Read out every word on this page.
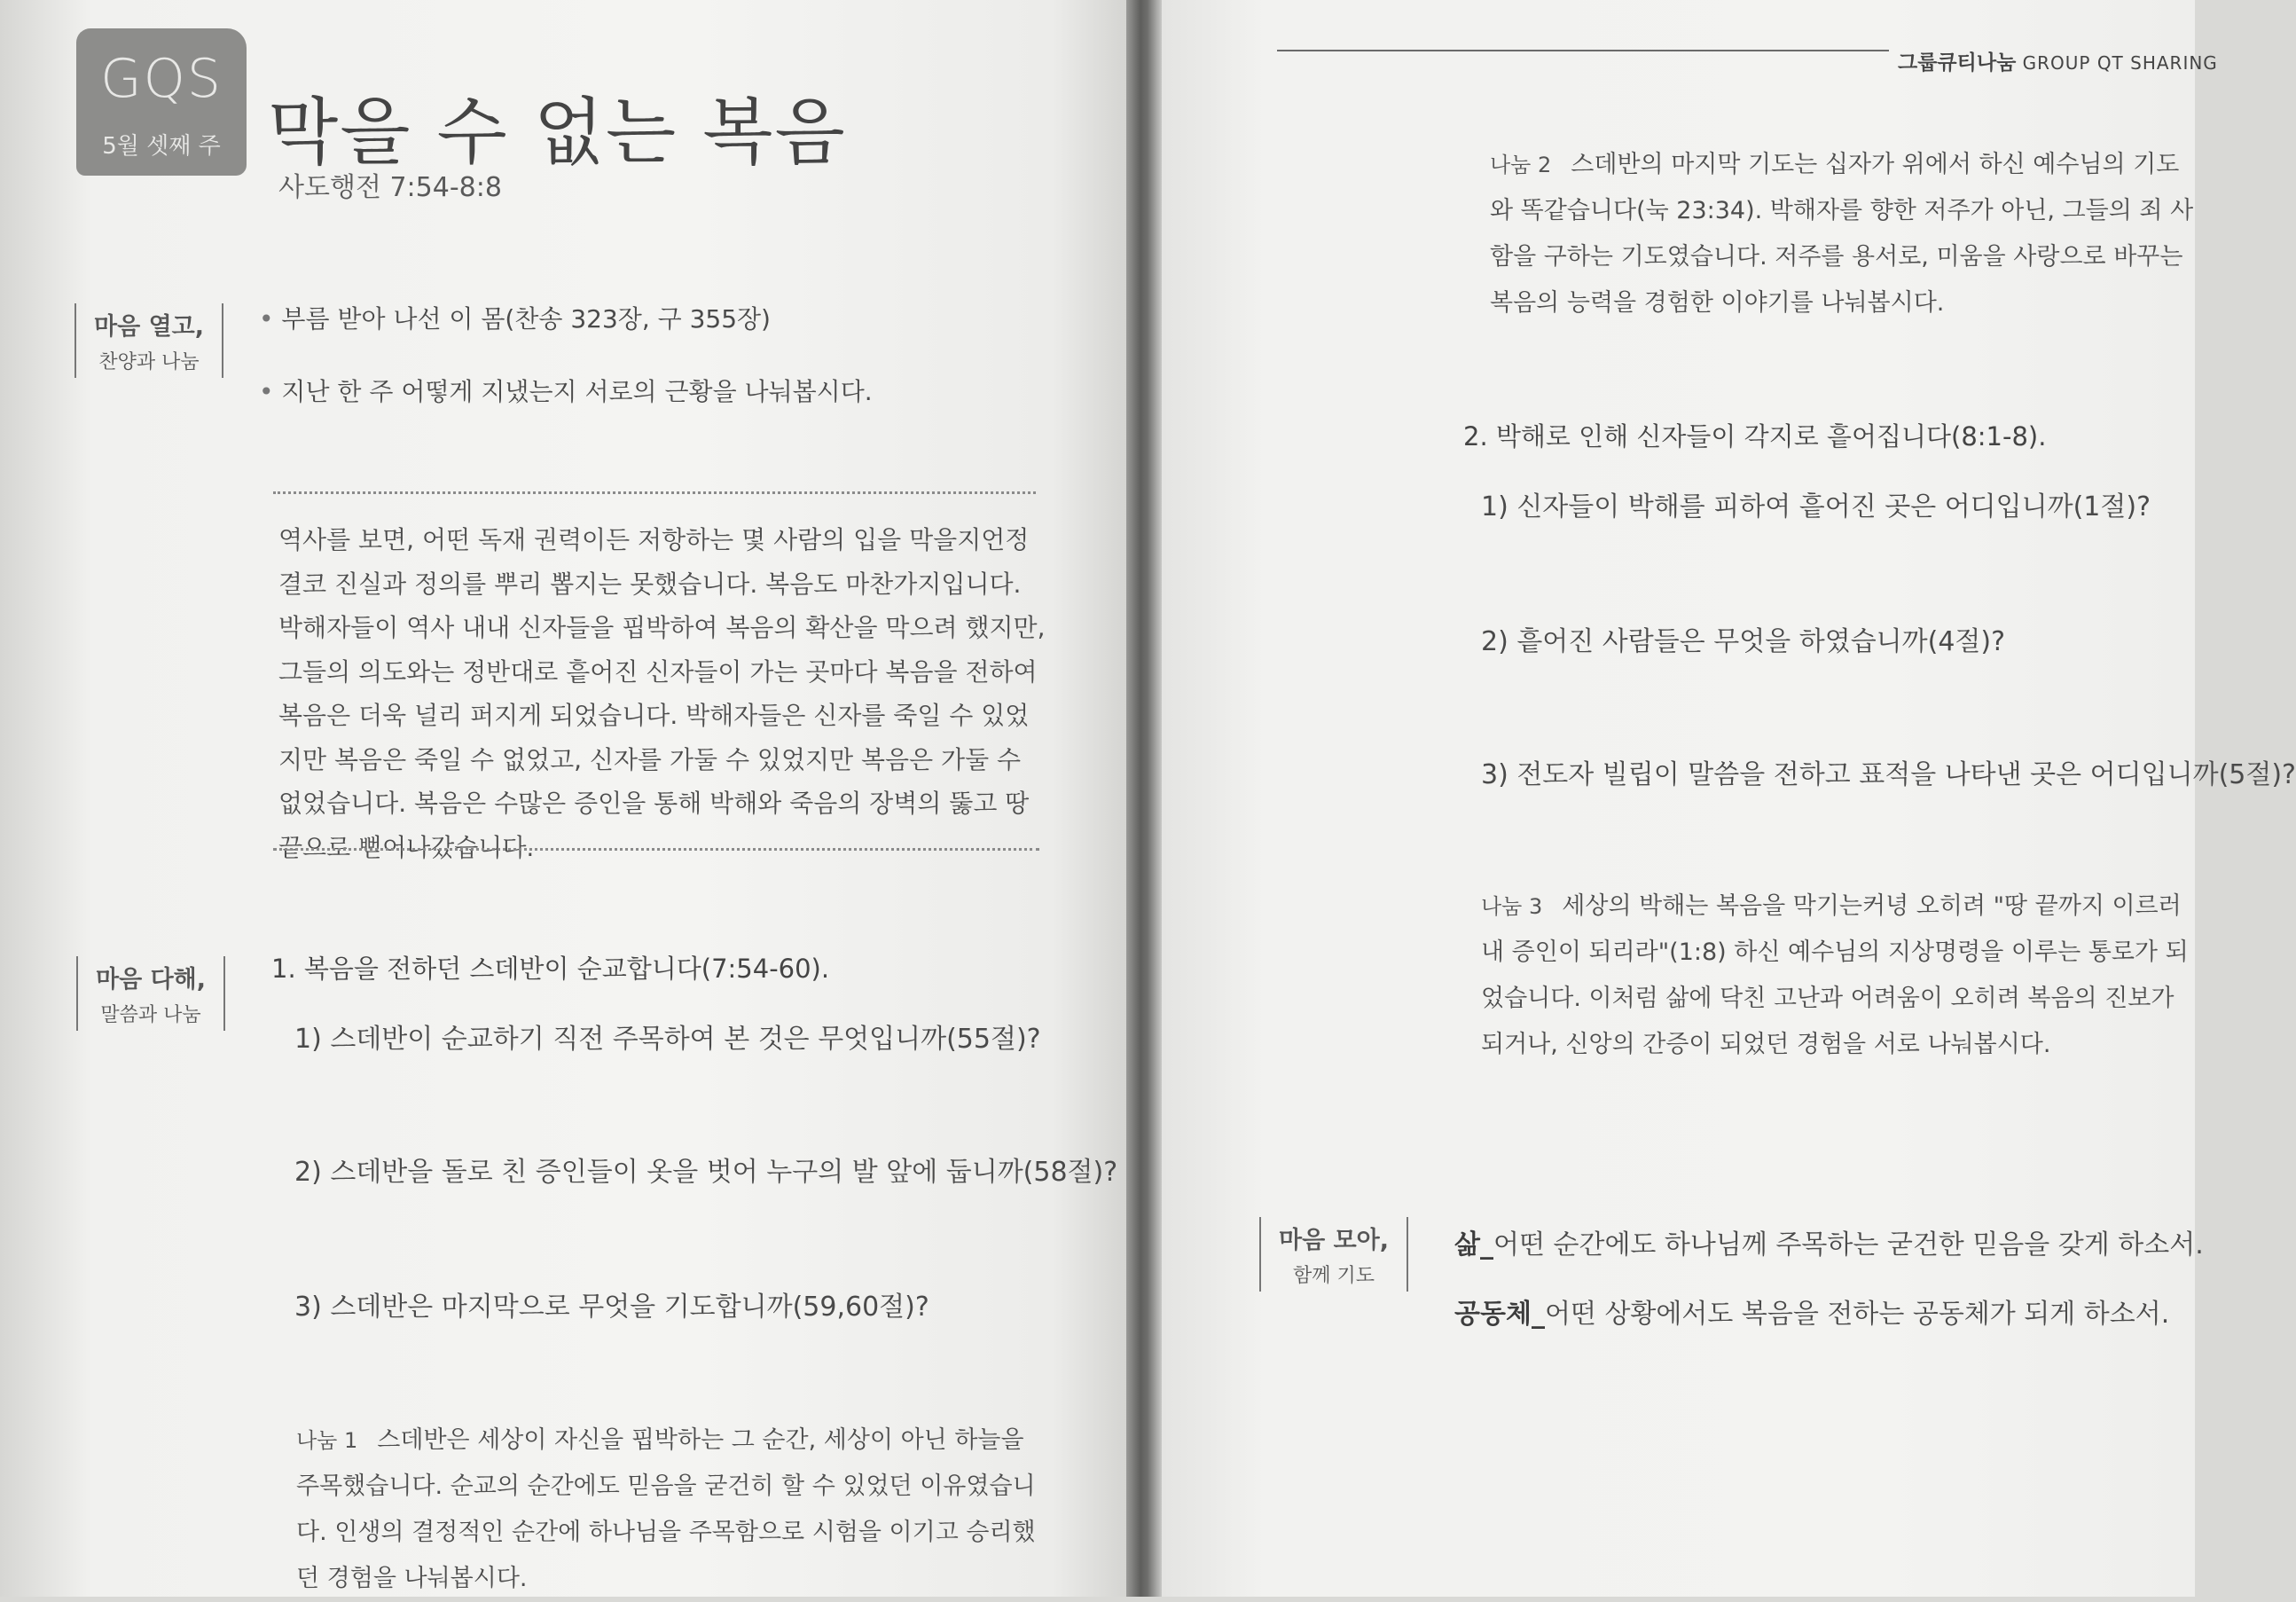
GQS
5월 셋째 주 막을 수 없는 복음
사도행전 7:54-8:8
마음 열고,
찬양과 나눔
• 부름 받아 나선 이 몸(찬송 323장, 구 355장)
• 지난 한 주 어떻게 지냈는지 서로의 근황을 나눠봅시다.
역사를 보면, 어떤 독재 권력이든 저항하는 몇 사람의 입을 막을지언정 결코 진실과 정의를 뿌리 뽑지는 못했습니다. 복음도 마찬가지입니다. 박해자들이 역사 내내 신자들을 핍박하여 복음의 확산을 막으려 했지만, 그들의 의도와는 정반대로 흩어진 신자들이 가는 곳마다 복음을 전하여 복음은 더욱 널리 퍼지게 되었습니다. 박해자들은 신자를 죽일 수 있었지만 복음은 죽일 수 없었고, 신자를 가둘 수 있었지만 복음은 가둘 수 없었습니다. 복음은 수많은 증인을 통해 박해와 죽음의 장벽의 뚫고 땅끝으로 뻗어나갔습니다.
마음 다해,
말씀과 나눔
1. 복음을 전하던 스데반이 순교합니다(7:54-60).
1) 스데반이 순교하기 직전 주목하여 본 것은 무엇입니까(55절)?
2) 스데반을 돌로 친 증인들이 옷을 벗어 누구의 발 앞에 둡니까(58절)?
3) 스데반은 마지막으로 무엇을 기도합니까(59,60절)?
나눔 1 스데반은 세상이 자신을 핍박하는 그 순간, 세상이 아닌 하늘을 주목했습니다. 순교의 순간에도 믿음을 굳건히 할 수 있었던 이유였습니다. 인생의 결정적인 순간에 하나님을 주목함으로 시험을 이기고 승리했던 경험을 나눠봅시다.
그룹큐티나눔 GROUP QT SHARING
나눔 2 스데반의 마지막 기도는 십자가 위에서 하신 예수님의 기도와 똑같습니다(눅 23:34). 박해자를 향한 저주가 아닌, 그들의 죄 사함을 구하는 기도였습니다. 저주를 용서로, 미움을 사랑으로 바꾸는 복음의 능력을 경험한 이야기를 나눠봅시다.
2. 박해로 인해 신자들이 각지로 흩어집니다(8:1-8).
1) 신자들이 박해를 피하여 흩어진 곳은 어디입니까(1절)?
2) 흩어진 사람들은 무엇을 하였습니까(4절)?
3) 전도자 빌립이 말씀을 전하고 표적을 나타낸 곳은 어디입니까(5절)?
나눔 3 세상의 박해는 복음을 막기는커녕 오히려 "땅 끝까지 이르러 내 증인이 되리라"(1:8) 하신 예수님의 지상명령을 이루는 통로가 되었습니다. 이처럼 삶에 닥친 고난과 어려움이 오히려 복음의 진보가 되거나, 신앙의 간증이 되었던 경험을 서로 나눠봅시다.
마음 모아,
함께 기도
삶_어떤 순간에도 하나님께 주목하는 굳건한 믿음을 갖게 하소서.
공동체_어떤 상황에서도 복음을 전하는 공동체가 되게 하소서.
